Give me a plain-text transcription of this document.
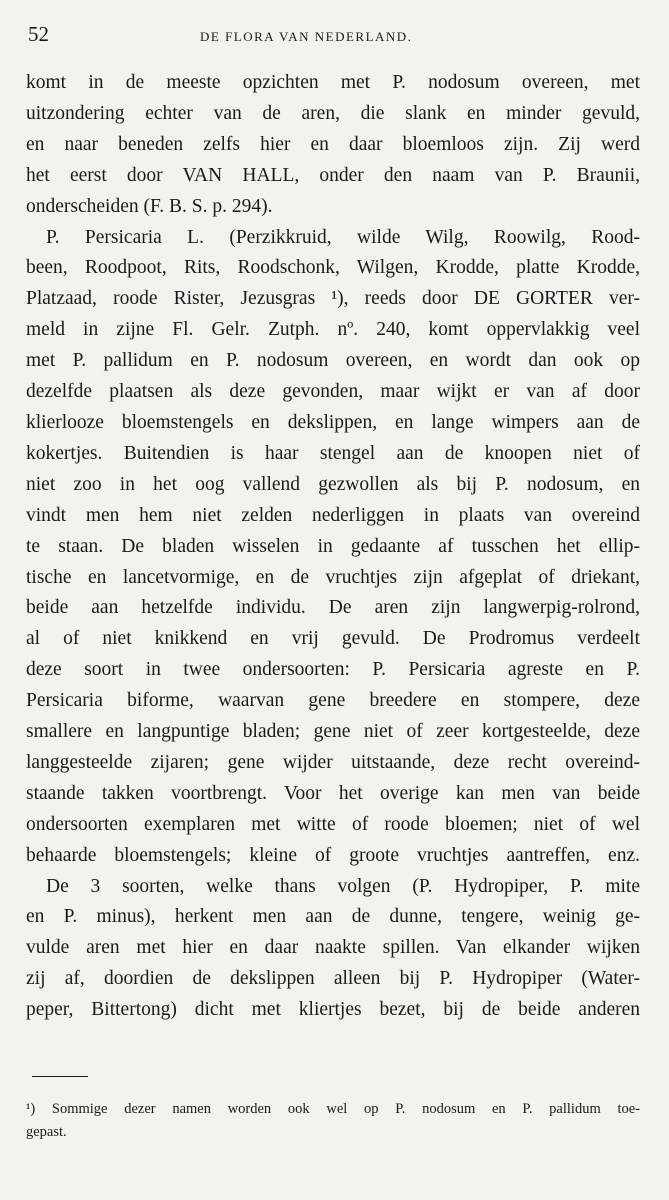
52	DE FLORA VAN NEDERLAND.
komt in de meeste opzichten met P. nodosum overeen, met
uitzondering echter van de aren, die slank en minder gevuld,
en naar beneden zelfs hier en daar bloemloos zijn. Zij werd
het eerst door VAN HALL, onder den naam van P. Braunii,
onderscheiden (F. B. S. p. 294).
P. Persicaria L. (Perzikkruid, wilde Wilg, Roowilg, Rood-
been, Roodpoot, Rits, Roodschonk, Wilgen, Krodde, platte Krodde,
Platzaad, roode Rister, Jezusgras ¹), reeds door DE GORTER ver-
meld in zijne Fl. Gelr. Zutph. nº. 240, komt oppervlakkig veel
met P. pallidum en P. nodosum overeen, en wordt dan ook op
dezelfde plaatsen als deze gevonden, maar wijkt er van af door
klierlooze bloemstengels en dekslippen, en lange wimpers aan de
kokertjes. Buitendien is haar stengel aan de knoopen niet of
niet zoo in het oog vallend gezwollen als bij P. nodosum, en
vindt men hem niet zelden nederliggen in plaats van overeind
te staan. De bladen wisselen in gedaante af tusschen het ellip-
tische en lancetvormige, en de vruchtjes zijn afgeplat of driekant,
beide aan hetzelfde individu. De aren zijn langwerpig-rolrond,
al of niet knikkend en vrij gevuld. De Prodromus verdeelt
deze soort in twee ondersoorten: P. Persicaria agreste en P.
Persicaria biforme, waarvan gene breedere en stompere, deze
smallere en langpuntige bladen; gene niet of zeer kortgesteelde, deze
langgesteelde zijaren; gene wijder uitstaande, deze recht overeind-
staande takken voortbrengt. Voor het overige kan men van beide
ondersoorten exemplaren met witte of roode bloemen; niet of wel
behaarde bloemstengels; kleine of groote vruchtjes aantreffen, enz.
De 3 soorten, welke thans volgen (P. Hydropiper, P. mite
en P. minus), herkent men aan de dunne, tengere, weinig ge-
vulde aren met hier en daar naakte spillen. Van elkander wijken
zij af, doordien de dekslippen alleen bij P. Hydropiper (Water-
peper, Bittertong) dicht met kliertjes bezet, bij de beide anderen
¹) Sommige dezer namen worden ook wel op P. nodosum en P. pallidum toe-
gepast.
